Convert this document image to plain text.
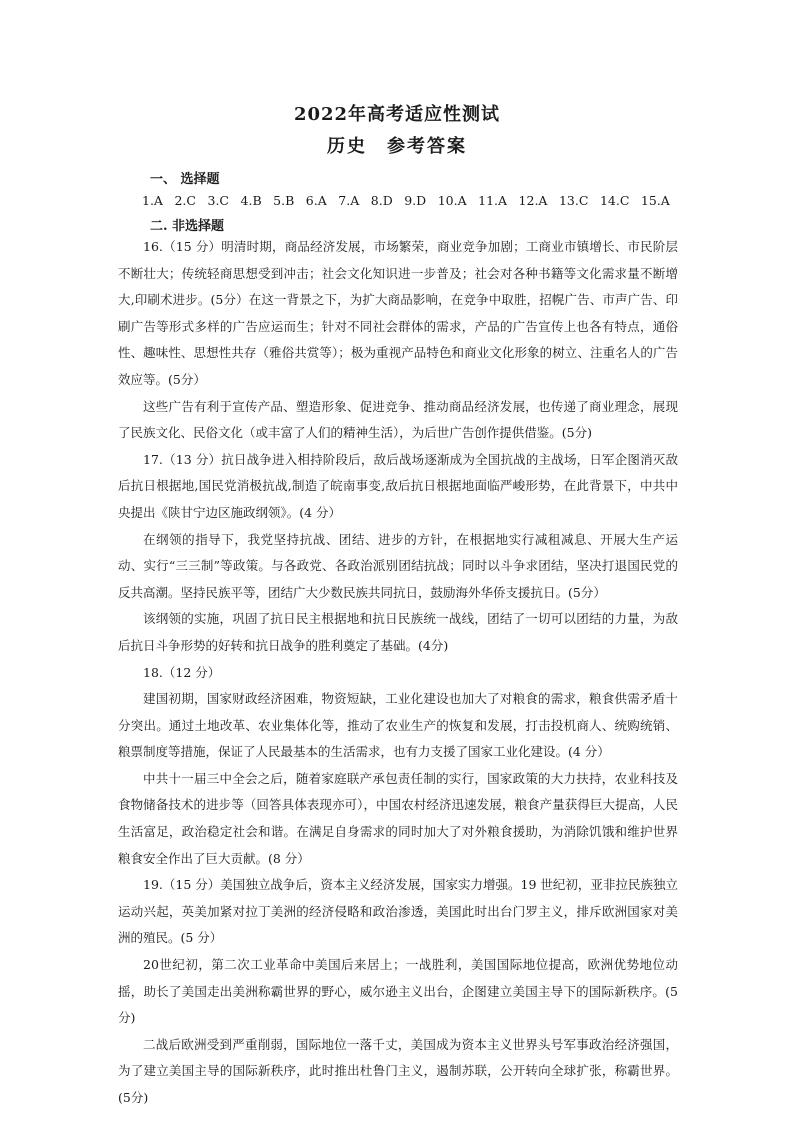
2022年高考适应性测试
历史　参考答案
一、 选择题
1.A 2.C 3.C 4.B 5.B 6.A 7.A 8.D 9.D 10.A 11.A 12.A 13.C 14.C 15.A
二. 非选择题

16.（15 分）明清时期，商品经济发展，市场繁荣，商业竞争加剧；工商业市镇增长、市民阶层不断壮大；传统轻商思想受到冲击；社会文化知识进一步普及；社会对各种书籍等文化需求量不断增大,印刷术进步。(5分）在这一背景之下，为扩大商品影响，在竞争中取胜，招幌广告、市声广告、印刷广告等形式多样的广告应运而生；针对不同社会群体的需求，产品的广告宣传上也各有特点，通俗性、趣味性、思想性共存（雅俗共赏等）；极为重视产品特色和商业文化形象的树立、注重名人的广告效应等。(5分）

这些广告有利于宣传产品、塑造形象、促进竞争、推动商品经济发展，也传递了商业理念，展现了民族文化、民俗文化（或丰富了人们的精神生活），为后世广告创作提供借鉴。(5分)

17.（13 分）抗日战争进入相持阶段后，敌后战场逐渐成为全国抗战的主战场，日军企图消灭敌后抗日根据地,国民党消极抗战,制造了皖南事变,敌后抗日根据地面临严峻形势，在此背景下，中共中央提出《陕甘宁边区施政纲领》。(4 分）

在纲领的指导下，我党坚持抗战、团结、进步的方针，在根据地实行减租减息、开展大生产运动、实行“三三制”等政策。与各政党、各政治派别团结抗战；同时以斗争求团结，坚决打退国民党的反共高潮。坚持民族平等，团结广大少数民族共同抗日，鼓励海外华侨支援抗日。(5分）

该纲领的实施，巩固了抗日民主根据地和抗日民族统一战线，团结了一切可以团结的力量，为敌后抗日斗争形势的好转和抗日战争的胜利奠定了基础。(4分)

18.（12 分）

建国初期，国家财政经济困难，物资短缺，工业化建设也加大了对粮食的需求，粮食供需矛盾十分突出。通过土地改革、农业集体化等，推动了农业生产的恢复和发展，打击投机商人、统购统销、粮票制度等措施，保证了人民最基本的生活需求，也有力支援了国家工业化建设。(4 分）

中共十一届三中全会之后，随着家庭联产承包责任制的实行，国家政策的大力扶持，农业科技及食物储备技术的进步等（回答具体表现亦可），中国农村经济迅速发展，粮食产量获得巨大提高，人民生活富足，政治稳定社会和谐。在满足自身需求的同时加大了对外粮食援助，为消除饥饿和维护世界粮食安全作出了巨大贡献。(8 分）

19.（15 分）美国独立战争后，资本主义经济发展，国家实力增强。19 世纪初，亚非拉民族独立运动兴起，英美加紧对拉丁美洲的经济侵略和政治渗透，美国此时出台门罗主义，排斥欧洲国家对美洲的殖民。(5 分）

20世纪初，第二次工业革命中美国后来居上；一战胜利，美国国际地位提高，欧洲优势地位动摇，助长了美国走出美洲称霸世界的野心，威尔逊主义出台，企图建立美国主导下的国际新秩序。(5分)

二战后欧洲受到严重削弱，国际地位一落千丈，美国成为资本主义世界头号军事政治经济强国，为了建立美国主导的国际新秩序，此时推出杜鲁门主义，遏制苏联，公开转向全球扩张，称霸世界。(5分)
